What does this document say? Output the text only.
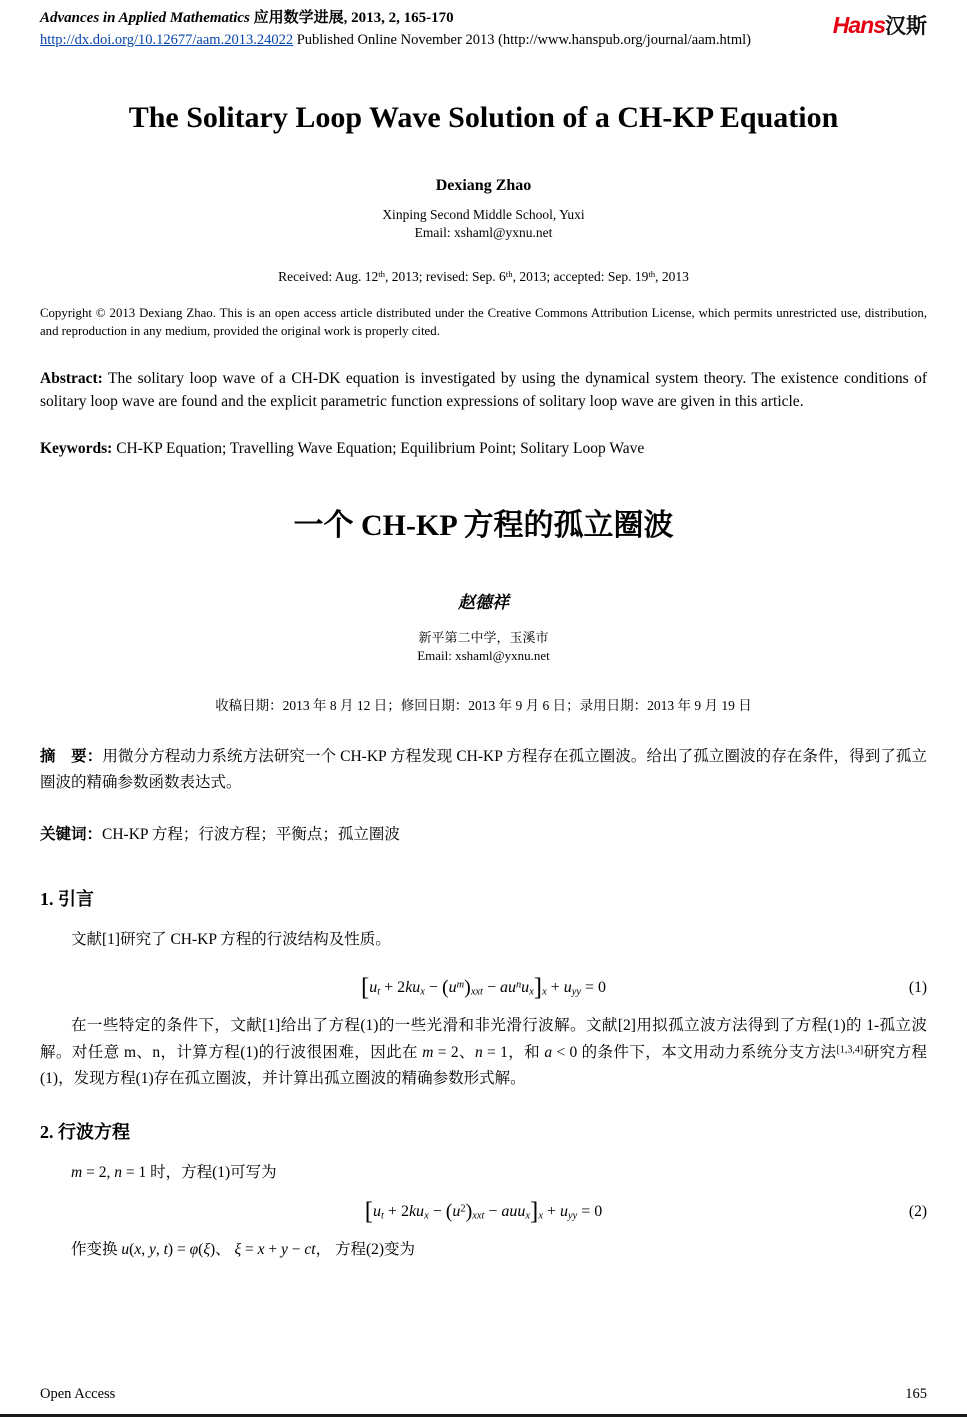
Advances in Applied Mathematics 应用数学进展, 2013, 2, 165-170
http://dx.doi.org/10.12677/aam.2013.24022 Published Online November 2013 (http://www.hanspub.org/journal/aam.html)
Hans汉斯
The Solitary Loop Wave Solution of a CH-KP Equation
Dexiang Zhao
Xinping Second Middle School, Yuxi
Email: xshaml@yxnu.net
Received: Aug. 12th, 2013; revised: Sep. 6th, 2013; accepted: Sep. 19th, 2013
Copyright © 2013 Dexiang Zhao. This is an open access article distributed under the Creative Commons Attribution License, which permits unrestricted use, distribution, and reproduction in any medium, provided the original work is properly cited.

Abstract: The solitary loop wave of a CH-DK equation is investigated by using the dynamical system theory. The existence conditions of solitary loop wave are found and the explicit parametric function expressions of solitary loop wave are given in this article.

Keywords: CH-KP Equation; Travelling Wave Equation; Equilibrium Point; Solitary Loop Wave

一个 CH-KP 方程的孤立圈波
赵德祥
新平第二中学，玉溪市
Email: xshaml@yxnu.net
收稿日期：2013 年 8 月 12 日；修回日期：2013 年 9 月 6 日；录用日期：2013 年 9 月 19 日

摘　要：用微分方程动力系统方法研究一个 CH-KP 方程发现 CH-KP 方程存在孤立圈波。给出了孤立圈波的存在条件，得到了孤立圈波的精确参数函数表达式。

关键词：CH-KP 方程；行波方程；平衡点；孤立圈波

1. 引言

文献[1]研究了 CH-KP 方程的行波结构及性质。

$[u_t + 2ku_x - (u^m)_{xxt} - au^nu_x]_x + u_{yy} = 0$	(1)

在一些特定的条件下，文献[1]给出了方程(1)的一些光滑和非光滑行波解。文献[2]用拟孤立波方法得到了方程(1)的 1-孤立波解。对任意 m、n，计算方程(1)的行波很困难，因此在 m = 2、n = 1，和 a < 0 的条件下，本文用动力系统分支方法[1,3,4]研究方程(1)，发现方程(1)存在孤立圈波，并计算出孤立圈波的精确参数形式解。

2. 行波方程

m = 2, n = 1 时，方程(1)可写为

$[u_t + 2ku_x - (u^2)_{xxt} - auu_x]_x + u_{yy} = 0$	(2)

作变换 u(x, y, t) = φ(ξ)、 ξ = x + y − ct， 方程(2)变为

Open Access	165
